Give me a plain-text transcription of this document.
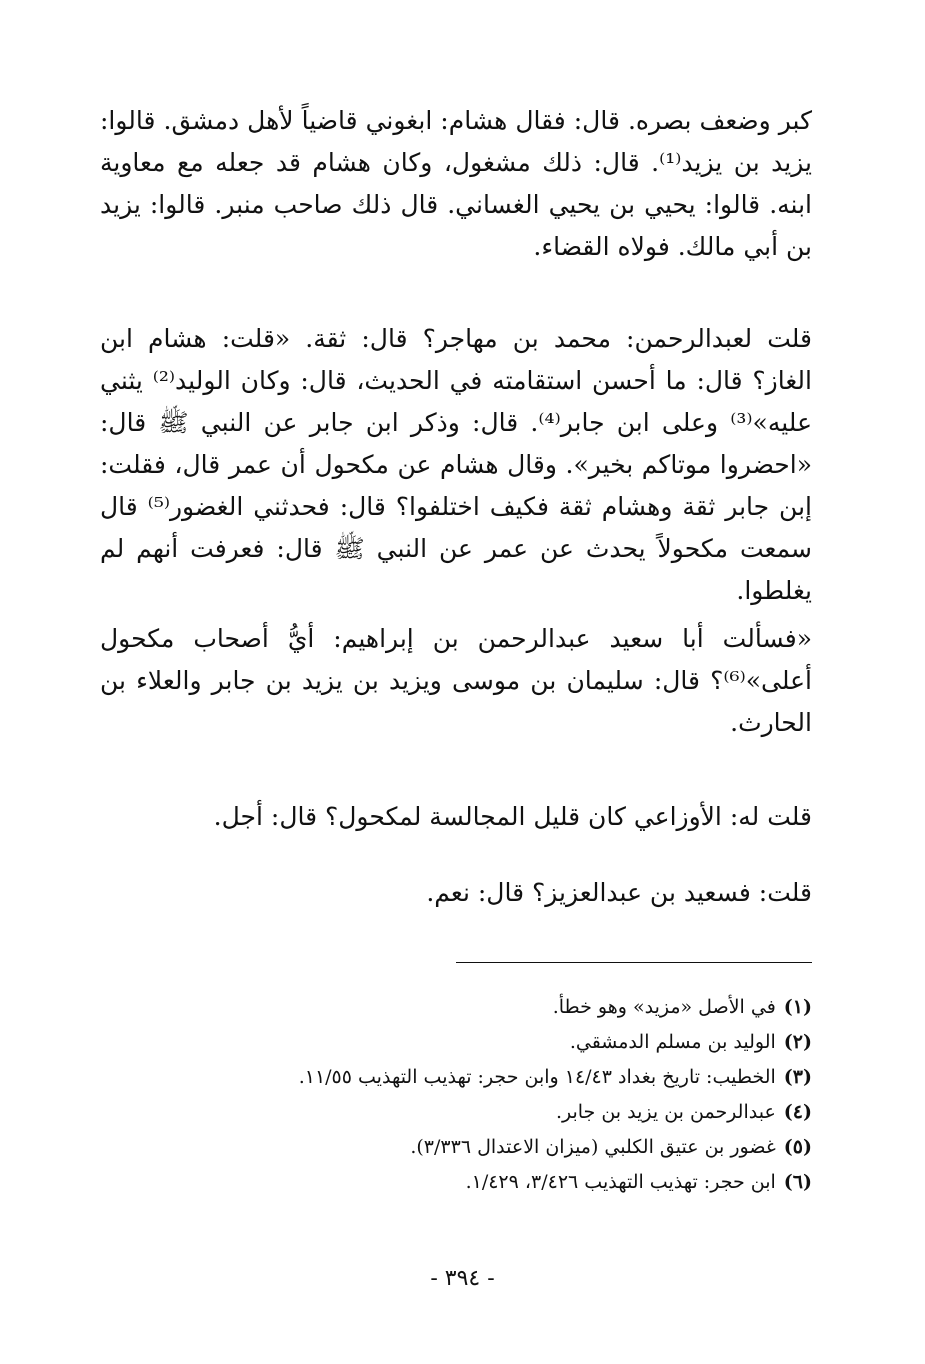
كبر وضعف بصره. قال: فقال هشام: ابغوني قاضياً لأهل دمشق. قالوا: يزيد بن يزيد⁽¹⁾. قال: ذلك مشغول، وكان هشام قد جعله مع معاوية ابنه. قالوا: يحيي بن يحيي الغساني. قال ذلك صاحب منبر. قالوا: يزيد بن أبي مالك. فولاه القضاء.
قلت لعبدالرحمن: محمد بن مهاجر؟ قال: ثقة. «قلت: هشام ابن الغاز؟ قال: ما أحسن استقامته في الحديث، قال: وكان الوليد⁽²⁾ يثني عليه»⁽³⁾ وعلى ابن جابر⁽⁴⁾. قال: وذكر ابن جابر عن النبي ﷺ قال: «احضروا موتاكم بخير». وقال هشام عن مكحول أن عمر قال، فقلت: إبن جابر ثقة وهشام ثقة فكيف اختلفوا؟ قال: فحدثني الغضور⁽⁵⁾ قال سمعت مكحولاً يحدث عن عمر عن النبي ﷺ قال: فعرفت أنهم لم يغلطوا.
«فسألت أبا سعيد عبدالرحمن بن إبراهيم: أيُّ أصحاب مكحول أعلى»⁽⁶⁾؟ قال: سليمان بن موسى ويزيد بن يزيد بن جابر والعلاء بن الحارث.
قلت له: الأوزاعي كان قليل المجالسة لمكحول؟ قال: أجل.
قلت: فسعيد بن عبدالعزيز؟ قال: نعم.
(١)في الأصل «مزيد» وهو خطأ.
(٢)الوليد بن مسلم الدمشقي.
(٣)الخطيب: تاريخ بغداد ١٤/٤٣ وابن حجر: تهذيب التهذيب ١١/٥٥.
(٤)عبدالرحمن بن يزيد بن جابر.
(٥)غضور بن عتيق الكلبي (ميزان الاعتدال ٣/٣٣٦).
(٦)ابن حجر: تهذيب التهذيب ٣/٤٢٦، ١/٤٢٩.
- ٣٩٤ -
